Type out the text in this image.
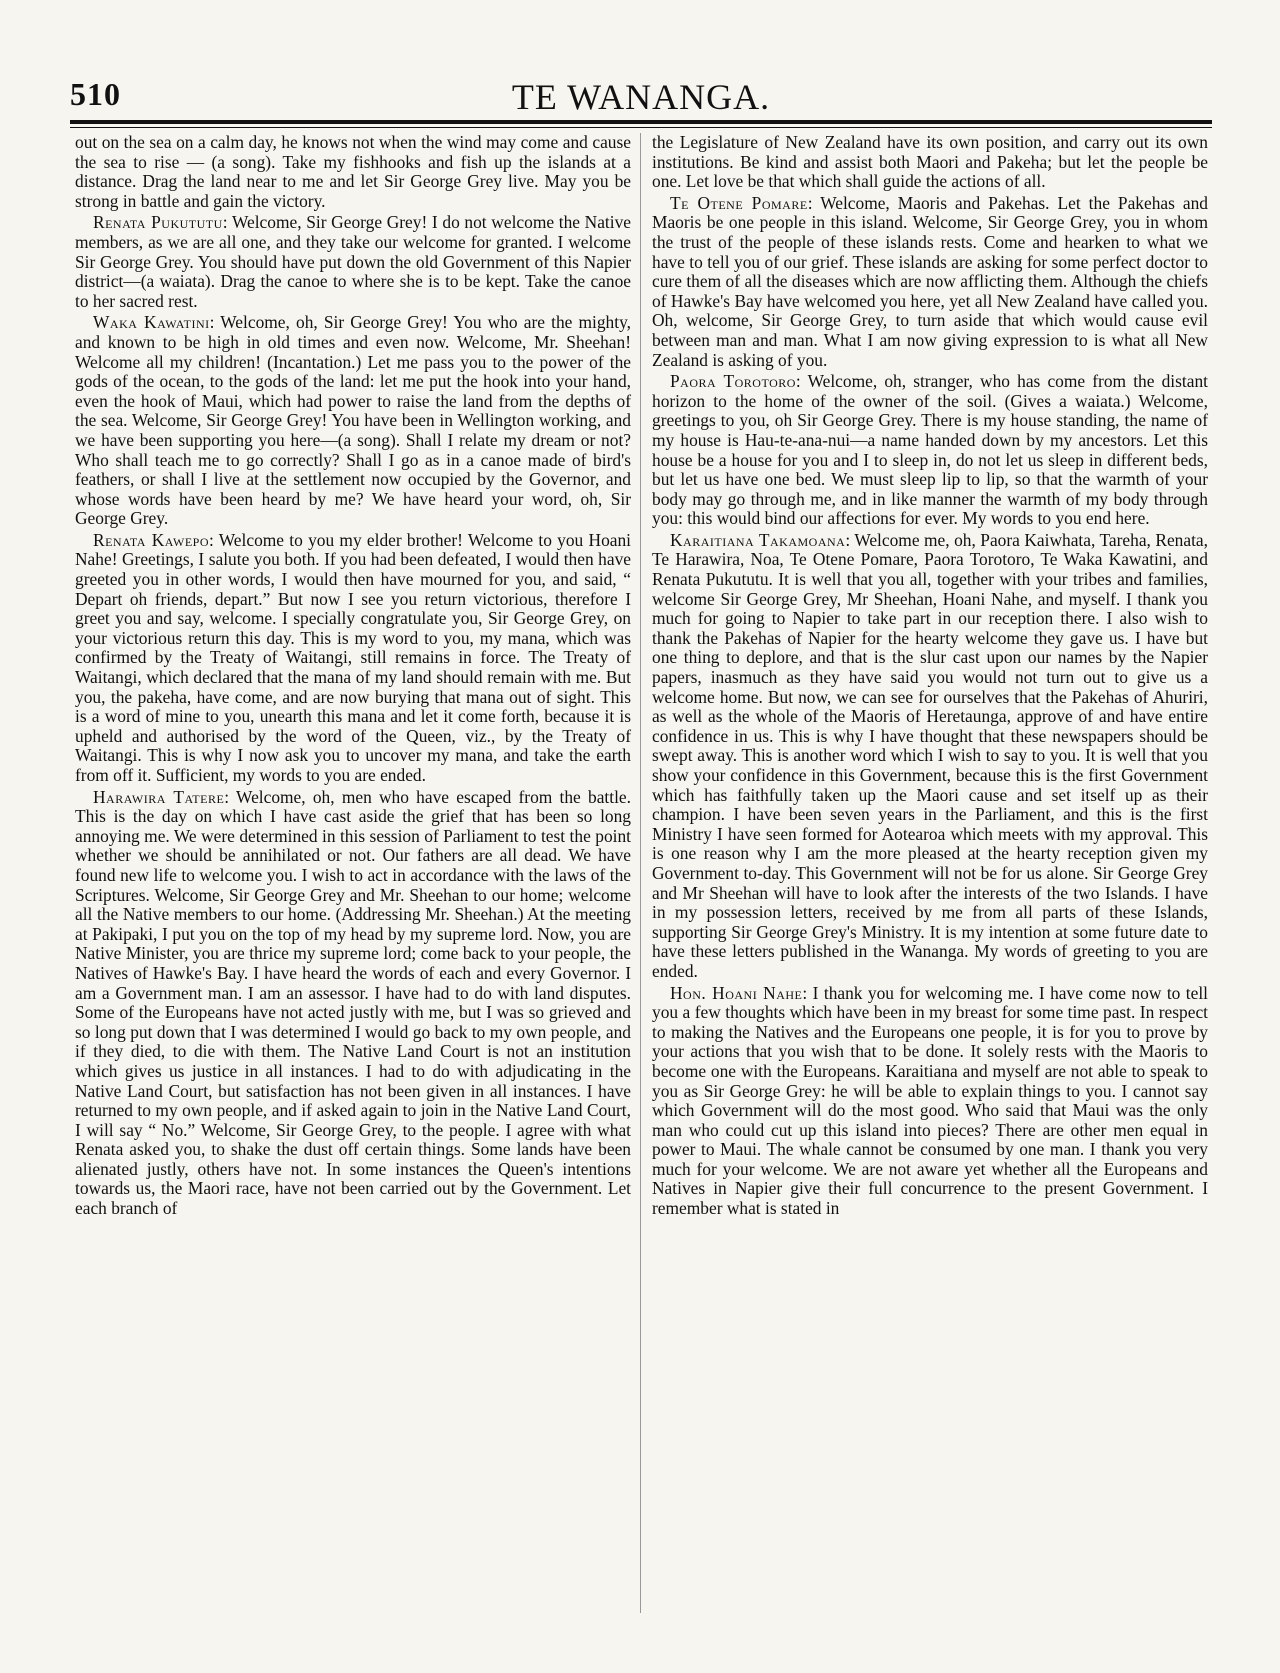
510	TE WANANGA.

out on the sea on a calm day, he knows not when the wind may come and cause the sea to rise — (a song). Take my fishhooks and fish up the islands at a distance. Drag the land near to me and let Sir George Grey live. May you be strong in battle and gain the victory.

Renata Pukututu: Welcome, Sir George Grey! I do not welcome the Native members, as we are all one, and they take our welcome for granted. I welcome Sir George Grey. You should have put down the old Government of this Napier district—(a waiata). Drag the canoe to where she is to be kept. Take the canoe to her sacred rest.

Waka Kawatini: Welcome, oh, Sir George Grey! You who are the mighty, and known to be high in old times and even now. Welcome, Mr. Sheehan! Welcome all my children! (Incantation.) Let me pass you to the power of the gods of the ocean, to the gods of the land: let me put the hook into your hand, even the hook of Maui, which had power to raise the land from the depths of the sea. Welcome, Sir George Grey! You have been in Wellington working, and we have been supporting you here—(a song). Shall I relate my dream or not? Who shall teach me to go correctly? Shall I go as in a canoe made of bird's feathers, or shall I live at the settlement now occupied by the Governor, and whose words have been heard by me? We have heard your word, oh, Sir George Grey.

Renata Kawepo: Welcome to you my elder brother! Welcome to you Hoani Nahe! Greetings, I salute you both. If you had been defeated, I would then have greeted you in other words, I would then have mourned for you, and said, “ Depart oh friends, depart.” But now I see you return victorious, therefore I greet you and say, welcome. I specially congratulate you, Sir George Grey, on your victorious return this day. This is my word to you, my mana, which was confirmed by the Treaty of Waitangi, still remains in force. The Treaty of Waitangi, which declared that the mana of my land should remain with me. But you, the pakeha, have come, and are now burying that mana out of sight. This is a word of mine to you, unearth this mana and let it come forth, because it is upheld and authorised by the word of the Queen, viz., by the Treaty of Waitangi. This is why I now ask you to uncover my mana, and take the earth from off it. Sufficient, my words to you are ended.

Harawira Tatere: Welcome, oh, men who have escaped from the battle. This is the day on which I have cast aside the grief that has been so long annoying me. We were determined in this session of Parliament to test the point whether we should be annihilated or not. Our fathers are all dead. We have found new life to welcome you. I wish to act in accordance with the laws of the Scriptures. Welcome, Sir George Grey and Mr. Sheehan to our home; welcome all the Native members to our home. (Addressing Mr. Sheehan.) At the meeting at Pakipaki, I put you on the top of my head by my supreme lord. Now, you are Native Minister, you are thrice my supreme lord; come back to your people, the Natives of Hawke's Bay. I have heard the words of each and every Governor. I am a Government man. I am an assessor. I have had to do with land disputes. Some of the Europeans have not acted justly with me, but I was so grieved and so long put down that I was determined I would go back to my own people, and if they died, to die with them. The Native Land Court is not an institution which gives us justice in all instances. I had to do with adjudicating in the Native Land Court, but satisfaction has not been given in all instances. I have returned to my own people, and if asked again to join in the Native Land Court, I will say “ No.” Welcome, Sir George Grey, to the people. I agree with what Renata asked you, to shake the dust off certain things. Some lands have been alienated justly, others have not. In some instances the Queen's intentions towards us, the Maori race, have not been carried out by the Government. Let each branch of

the Legislature of New Zealand have its own position, and carry out its own institutions. Be kind and assist both Maori and Pakeha; but let the people be one. Let love be that which shall guide the actions of all.

Te Otene Pomare: Welcome, Maoris and Pakehas. Let the Pakehas and Maoris be one people in this island. Welcome, Sir George Grey, you in whom the trust of the people of these islands rests. Come and hearken to what we have to tell you of our grief. These islands are asking for some perfect doctor to cure them of all the diseases which are now afflicting them. Although the chiefs of Hawke's Bay have welcomed you here, yet all New Zealand have called you. Oh, welcome, Sir George Grey, to turn aside that which would cause evil between man and man. What I am now giving expression to is what all New Zealand is asking of you.

Paora Torotoro: Welcome, oh, stranger, who has come from the distant horizon to the home of the owner of the soil. (Gives a waiata.) Welcome, greetings to you, oh Sir George Grey. There is my house standing, the name of my house is Hau-te-ana-nui—a name handed down by my ancestors. Let this house be a house for you and I to sleep in, do not let us sleep in different beds, but let us have one bed. We must sleep lip to lip, so that the warmth of your body may go through me, and in like manner the warmth of my body through you: this would bind our affections for ever. My words to you end here.

Karaitiana Takamoana: Welcome me, oh, Paora Kaiwhata, Tareha, Renata, Te Harawira, Noa, Te Otene Pomare, Paora Torotoro, Te Waka Kawatini, and Renata Pukututu. It is well that you all, together with your tribes and families, welcome Sir George Grey, Mr Sheehan, Hoani Nahe, and myself. I thank you much for going to Napier to take part in our reception there. I also wish to thank the Pakehas of Napier for the hearty welcome they gave us. I have but one thing to deplore, and that is the slur cast upon our names by the Napier papers, inasmuch as they have said you would not turn out to give us a welcome home. But now, we can see for ourselves that the Pakehas of Ahuriri, as well as the whole of the Maoris of Heretaunga, approve of and have entire confidence in us. This is why I have thought that these newspapers should be swept away. This is another word which I wish to say to you. It is well that you show your confidence in this Government, because this is the first Government which has faithfully taken up the Maori cause and set itself up as their champion. I have been seven years in the Parliament, and this is the first Ministry I have seen formed for Aotearoa which meets with my approval. This is one reason why I am the more pleased at the hearty reception given my Government to-day. This Government will not be for us alone. Sir George Grey and Mr Sheehan will have to look after the interests of the two Islands. I have in my possession letters, received by me from all parts of these Islands, supporting Sir George Grey's Ministry. It is my intention at some future date to have these letters published in the Wananga. My words of greeting to you are ended.

Hon. Hoani Nahe: I thank you for welcoming me. I have come now to tell you a few thoughts which have been in my breast for some time past. In respect to making the Natives and the Europeans one people, it is for you to prove by your actions that you wish that to be done. It solely rests with the Maoris to become one with the Europeans. Karaitiana and myself are not able to speak to you as Sir George Grey: he will be able to explain things to you. I cannot say which Government will do the most good. Who said that Maui was the only man who could cut up this island into pieces? There are other men equal in power to Maui. The whale cannot be consumed by one man. I thank you very much for your welcome. We are not aware yet whether all the Europeans and Natives in Napier give their full concurrence to the present Government. I remember what is stated in
